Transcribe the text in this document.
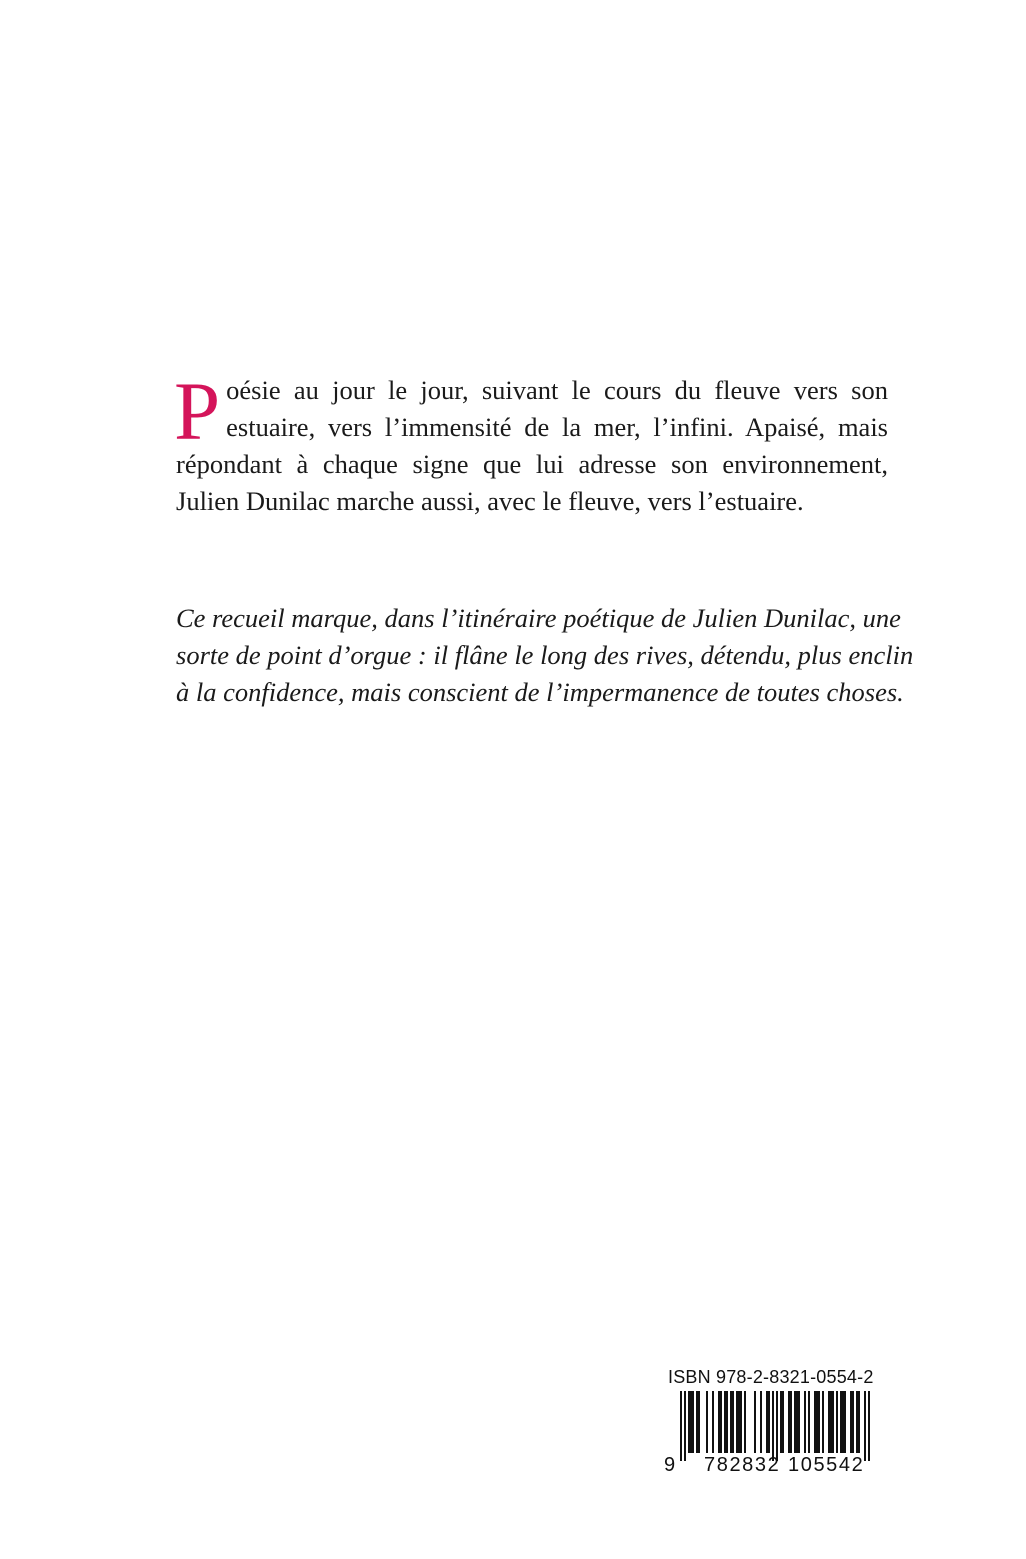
P oésie au jour le jour, suivant le cours du fleuve vers son
estuaire, vers l’immensité de la mer, l’infini. Apaisé, mais
répondant à chaque signe que lui adresse son environnement,
Julien Dunilac marche aussi, avec le fleuve, vers l’estuaire.
Ce recueil marque, dans l’itinéraire poétique de Julien Dunilac, une
sorte de point d’orgue : il flâne le long des rives, détendu, plus enclin
à la confidence, mais conscient de l’impermanence de toutes choses.
ISBN 978-2-8321-0554-2
9 782832 105542
